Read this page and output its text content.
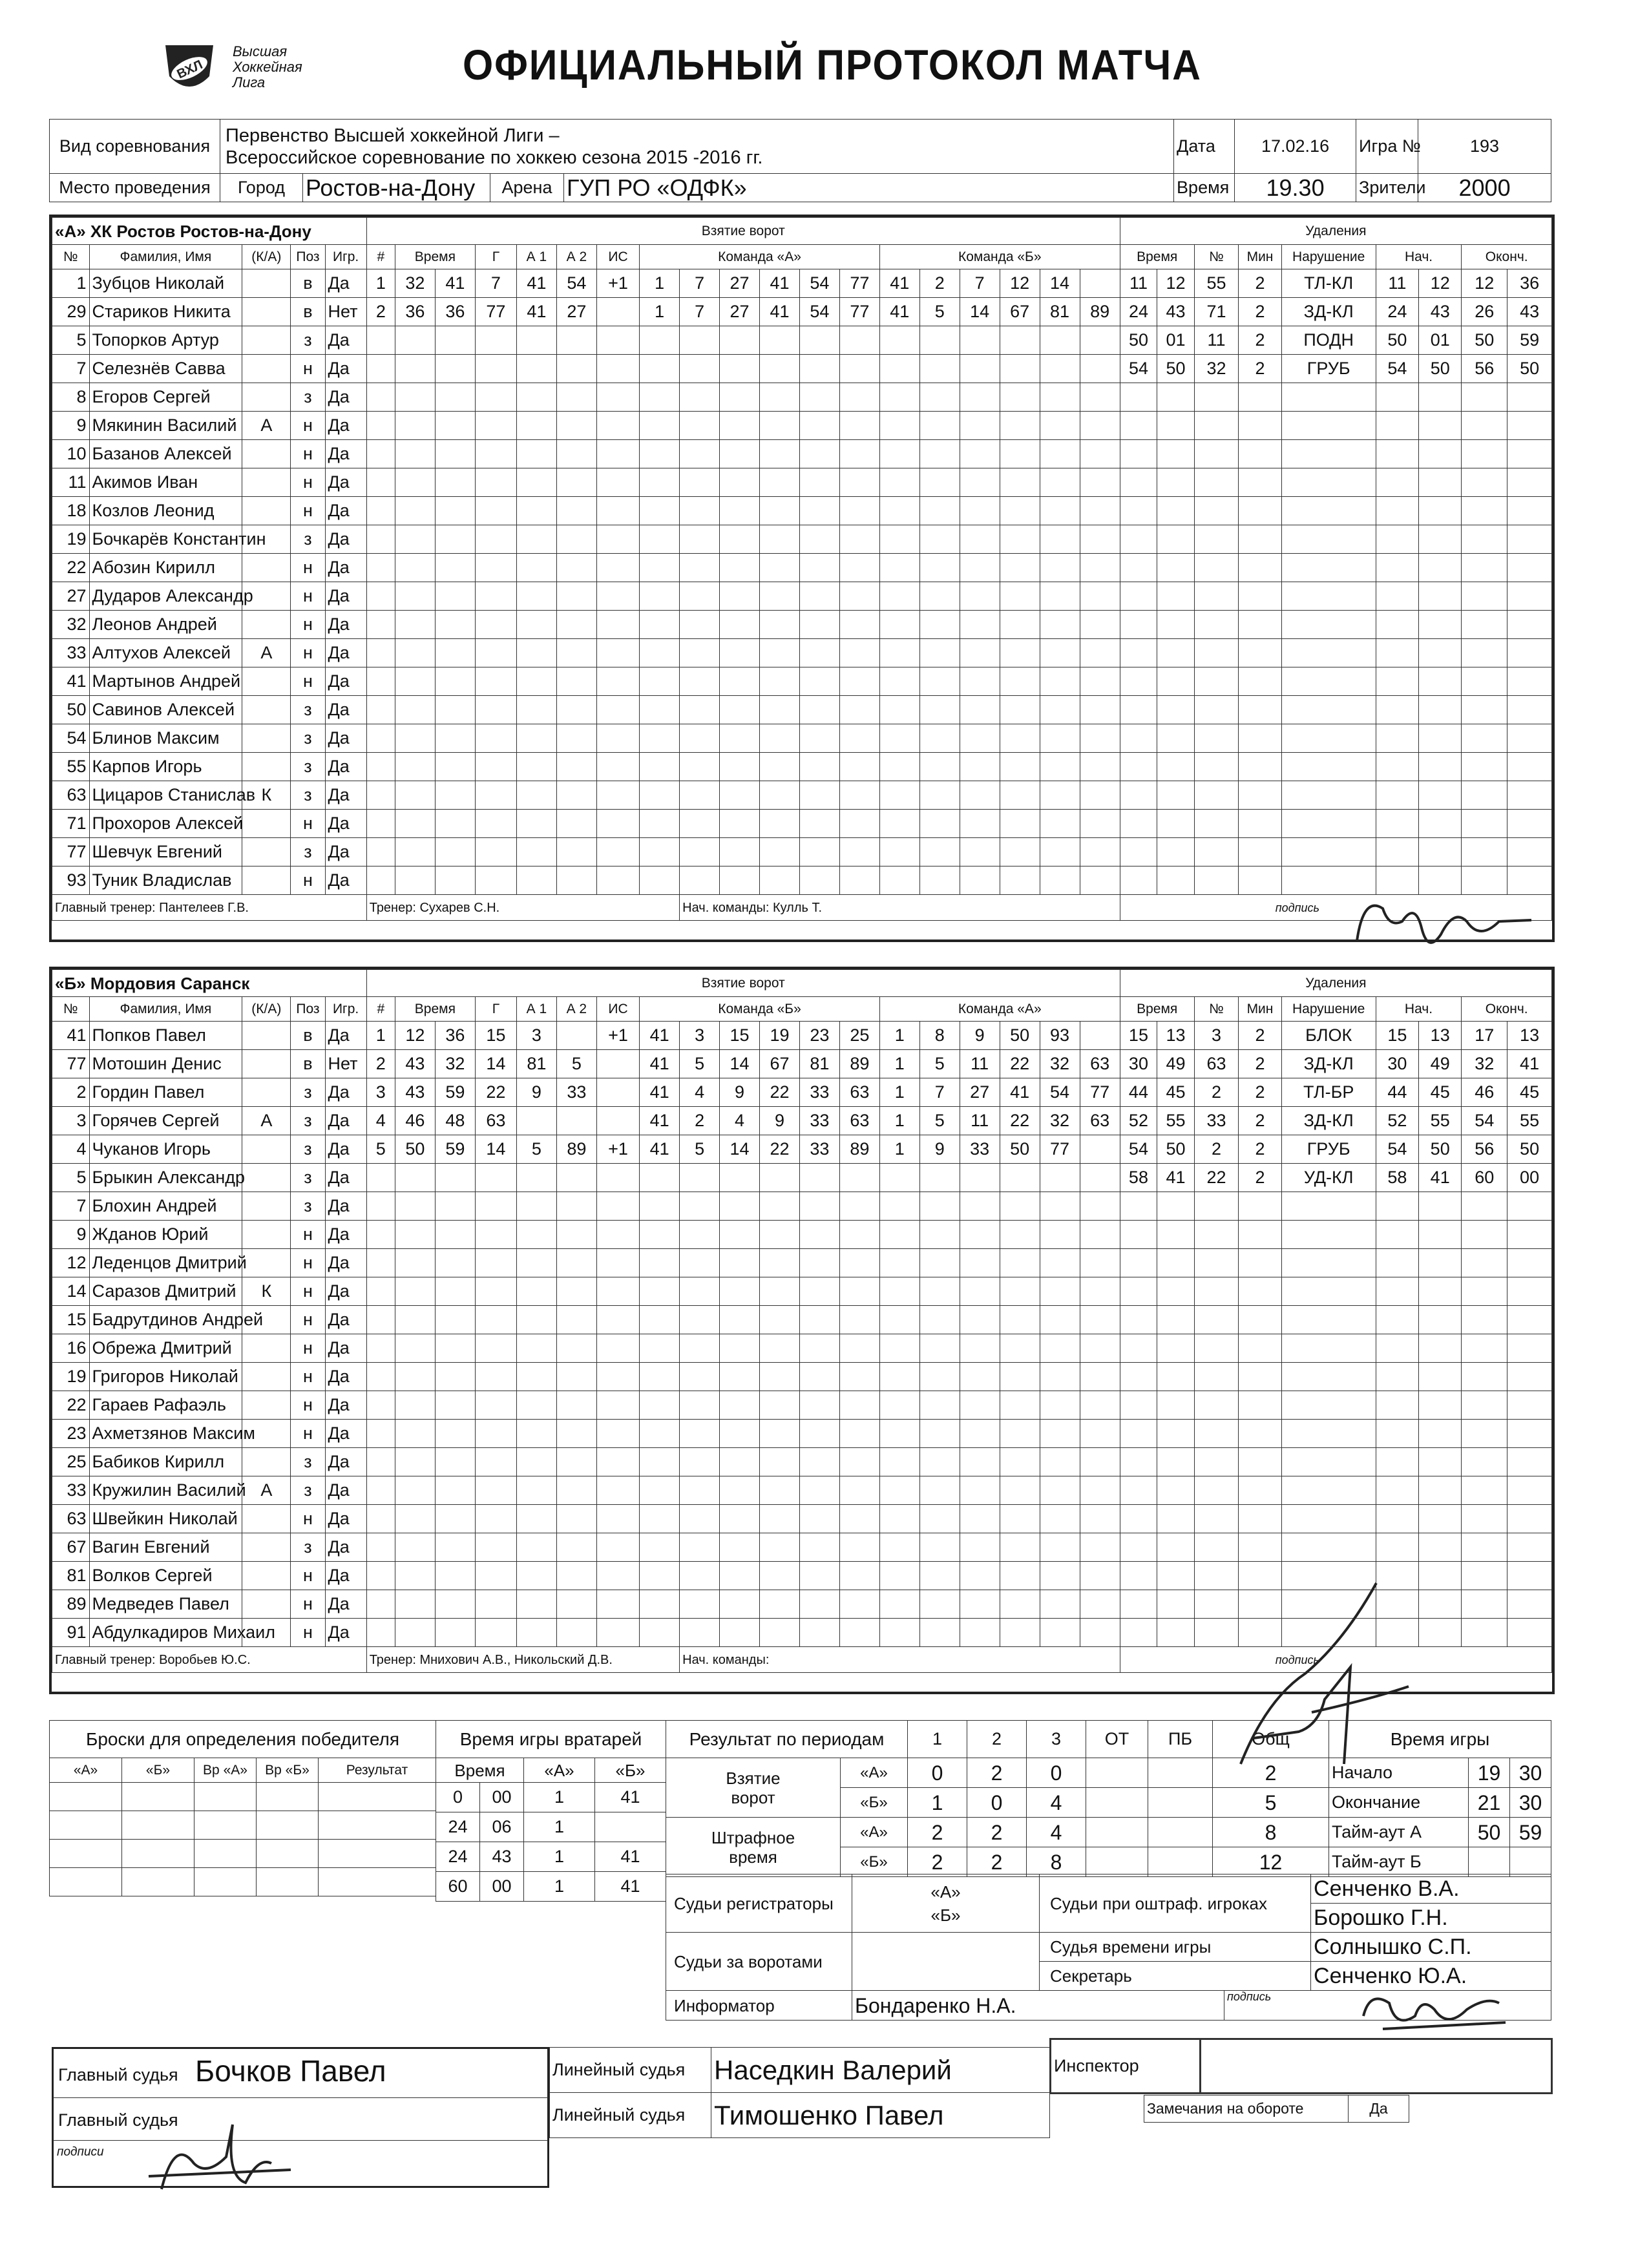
ВХЛ
Высшая
Хоккейная
Лига	ОФИЦИАЛЬНЫЙ ПРОТОКОЛ МАТЧА
Вид соревнования	Первенство Высшей хоккейной Лиги –
Всероссийское соревнование по хоккею сезона 2015 -2016 гг.				Дата	17.02.16	Игра №	193
Место проведения	Город	Ростов-на-Дону	Арена	ГУП РО «ОДФК»	Время	19.30	Зрители	2000
«А» ХК Ростов Ростов-на-Дону					Взятие ворот																			Удаления								
№	Фамилия, Имя	(К/А)	Поз	Игр.	#	Время		Г	А 1	А 2	ИС	Команда «А»						Команда «Б»						Время		№	Мин	Нарушение	Нач.		Оконч.	
1	Зубцов Николай		в	Да	1	32	41	7	41	54	+1	1	7	27	41	54	77	41	2	7	12	14		11	12	55	2	ТЛ-КЛ	11	12	12	36
29	Стариков Никита		в	Нет	2	36	36	77	41	27		1	7	27	41	54	77	41	5	14	67	81	89	24	43	71	2	ЗД-КЛ	24	43	26	43
5	Топорков Артур		з	Да																				50	01	11	2	ПОДН	50	01	50	59
7	Селезнёв Савва		н	Да																				54	50	32	2	ГРУБ	54	50	56	50
8	Егоров Сергей		з	Да																												
9	Мякинин Василий	А	н	Да																												
10	Базанов Алексей		н	Да																												
11	Акимов Иван		н	Да																												
18	Козлов Леонид		н	Да																												
19	Бочкарёв Константин		з	Да																												
22	Абозин Кирилл		н	Да																												
27	Дударов Александр		н	Да																												
32	Леонов Андрей		н	Да																												
33	Алтухов Алексей	А	н	Да																												
41	Мартынов Андрей		н	Да																												
50	Савинов Алексей		з	Да																												
54	Блинов Максим		з	Да																												
55	Карпов Игорь		з	Да																												
63	Цицаров Станислав	К	з	Да																												
71	Прохоров Алексей		н	Да																												
77	Шевчук Евгений		з	Да																												
93	Туник Владислав		н	Да																												
Главный тренер: Пантелеев Г.В.					Тренер: Сухарев С.Н.								Нач. команды: Кулль Т.											подпись								
«Б» Мордовия Саранск					Взятие ворот																			Удаления								
№	Фамилия, Имя	(К/А)	Поз	Игр.	#	Время		Г	А 1	А 2	ИС	Команда «Б»						Команда «А»						Время		№	Мин	Нарушение	Нач.		Оконч.	
41	Попков Павел		в	Да	1	12	36	15	3		+1	41	3	15	19	23	25	1	8	9	50	93		15	13	3	2	БЛОК	15	13	17	13
77	Мотошин Денис		в	Нет	2	43	32	14	81	5		41	5	14	67	81	89	1	5	11	22	32	63	30	49	63	2	ЗД-КЛ	30	49	32	41
2	Гордин Павел		з	Да	3	43	59	22	9	33		41	4	9	22	33	63	1	7	27	41	54	77	44	45	2	2	ТЛ-БР	44	45	46	45
3	Горячев Сергей	А	з	Да	4	46	48	63				41	2	4	9	33	63	1	5	11	22	32	63	52	55	33	2	ЗД-КЛ	52	55	54	55
4	Чуканов Игорь		з	Да	5	50	59	14	5	89	+1	41	5	14	22	33	89	1	9	33	50	77		54	50	2	2	ГРУБ	54	50	56	50
5	Брыкин Александр		з	Да																				58	41	22	2	УД-КЛ	58	41	60	00
7	Блохин Андрей		з	Да																												
9	Жданов Юрий		н	Да																												
12	Леденцов Дмитрий		н	Да																												
14	Саразов Дмитрий	К	н	Да																												
15	Бадрутдинов Андрей		н	Да																												
16	Обрежа Дмитрий		н	Да																												
19	Григоров Николай		н	Да																												
22	Гараев Рафаэль		н	Да																												
23	Ахметзянов Максим		н	Да																												
25	Бабиков Кирилл		з	Да																												
33	Кружилин Василий	А	з	Да																												
63	Швейкин Николай		н	Да																												
67	Вагин Евгений		з	Да																												
81	Волков Сергей		н	Да																												
89	Медведев Павел		н	Да																												
91	Абдулкадиров Михаил		н	Да																												
Главный тренер: Воробьев Ю.С.					Тренер: Мнихович А.В., Никольский Д.В.								Нач. команды:											подпись								
Броски для определения победителя				
«А»	«Б»	Вр «А»	Вр «Б»	Результат

Время игры вратарей			
Время		«А»	«Б»
0	00	1	41
24	06	1	
24	43	1	41
60	00	1	41
Результат по периодам		1	2	3	ОТ	ПБ	Общ
Взятие ворот	«А»	0	2	0			2
	«Б»	1	0	4			5
Штрафное время	«А»	2	2	4			8
	«Б»	2	2	8			12
Время игры		
Начало	19	30
Окончание	21	30
Тайм-аут А	50	59
Тайм-аут Б		
Судьи регистраторы	«А»
«Б»	Судьи при оштраф. игроках		Сенченко В.А.
				Борошко Г.Н.
Судьи за воротами		Судья времени игры		Солнышко С.П.
		Секретарь		Сенченко Ю.А.
Информатор	Бондаренко Н.А.		подпись	
Главный судья Бочков Павел
Главный судья
подписи
Линейный судья	Наседкин Валерий
Линейный судья	Тимошенко Павел
Инспектор	
Замечания на обороте	Да
